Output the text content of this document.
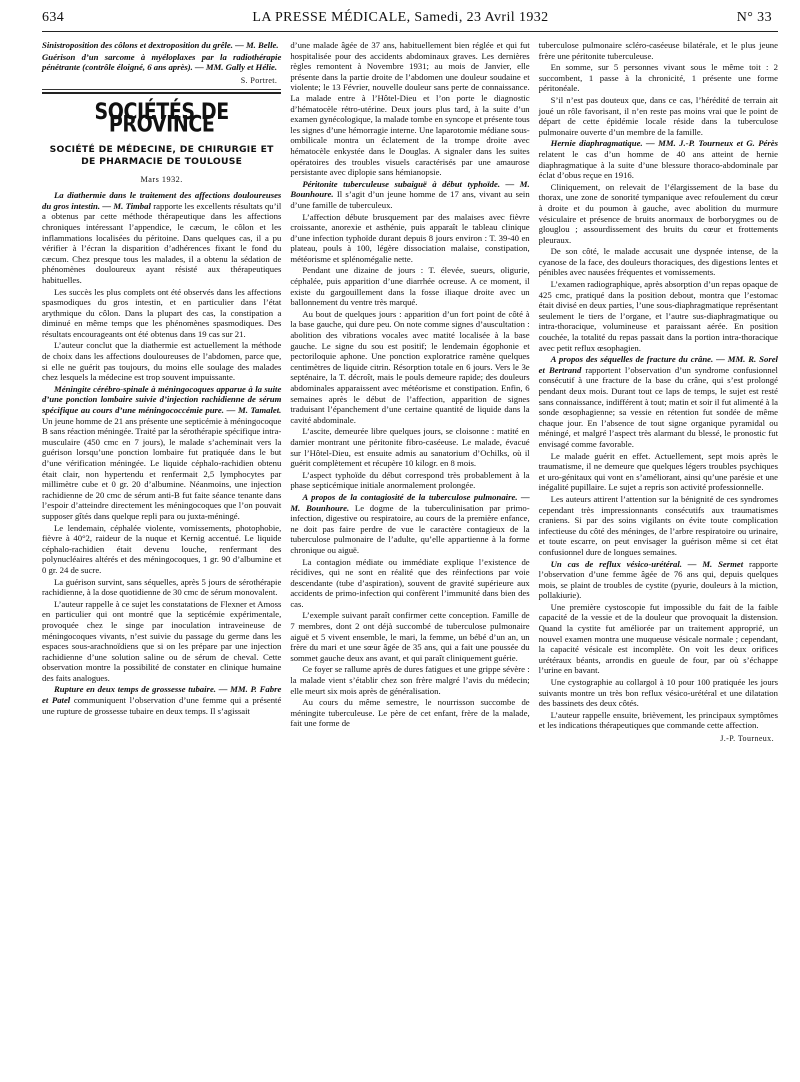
634	LA PRESSE MÉDICALE, Samedi, 23 Avril 1932	N° 33

Sinistroposition des côlons et dextroposition du grêle. — M. Belle.

Guérison d’un sarcome à myéloplaxes par la radiothérapie pénétrante (contrôle éloigné, 6 ans après). — MM. Gally et Hélie.

S. Portret.
SOCIÉTÉS DE PROVINCE
SOCIÉTÉ DE MÉDECINE, DE CHIRURGIE ET DE PHARMACIE DE TOULOUSE
Mars 1932.

La diathermie dans le traitement des affections douloureuses du gros intestin. — M. Timbal rapporte les excellents résultats qu’il a obtenus par cette méthode thérapeutique dans les affections chroniques intéressant l’appendice, le cæcum, le côlon et les inflammations localisées du péritoine. Dans quelques cas, il a pu vérifier à l’écran la disparition d’adhérences fixant le fond du cæcum. Chez presque tous les malades, il a obtenu la sédation de phénomènes douloureux ayant résisté aux thérapeutiques habituelles.

Les succès les plus complets ont été observés dans les affections spasmodiques du gros intestin, et en particulier dans l’état arythmique du côlon. Dans la plupart des cas, la constipation a diminué en même temps que les phénomènes spasmodiques. Des résultats encourageants ont été obtenus dans 19 cas sur 21.

L’auteur conclut que la diathermie est actuellement la méthode de choix dans les affections douloureuses de l’abdomen, parce que, si elle ne guérit pas toujours, du moins elle soulage des malades chez lesquels la médecine est trop souvent impuissante.

Méningite cérébro-spinale à méningocoques apparue à la suite d’une ponction lombaire suivie d’injection rachidienne de sérum spécifique au cours d’une méningococcémie pure. — M. Tamalet. Un jeune homme de 21 ans présente une septicémie à méningocoque B sans réaction méningée. Traité par la sérothérapie spécifique intra-musculaire (450 cmc en 7 jours), le malade s’acheminait vers la guérison lorsqu’une ponction lombaire fut pratiquée dans le but d’une vérification méningée. Le liquide céphalo-rachidien obtenu était clair, non hypertendu et renfermait 2,5 lymphocytes par millimètre cube et 0 gr. 20 d’albumine. Néanmoins, une injection rachidienne de 20 cmc de sérum anti-B fut faite séance tenante dans l’espoir d’atteindre directement les méningocoques que l’on pouvait supposer gîtés dans quelque repli para ou juxta-méningé.

Le lendemain, céphalée violente, vomissements, photophobie, fièvre à 40°2, raideur de la nuque et Kernig accentué. Le liquide céphalo-rachidien était devenu louche, renfermant des polynucléaires altérés et des méningocoques, 1 gr. 90 d’albumine et 0 gr. 24 de sucre.

La guérison survint, sans séquelles, après 5 jours de sérothérapie rachidienne, à la dose quotidienne de 30 cmc de sérum monovalent.

L’auteur rappelle à ce sujet les constatations de Flexner et Amoss en particulier qui ont montré que la septicémie expérimentale, provoquée chez le singe par inoculation intraveineuse de méningocoques vivants, n’est suivie du passage du germe dans les espaces sous-arachnoïdiens que si on les prépare par une injection rachidienne d’une solution saline ou de sérum de cheval. Cette observation montre la possibilité de constater en clinique humaine des faits analogues.

Rupture en deux temps de grossesse tubaire. — MM. P. Fabre et Patel communiquent l’observation d’une femme qui a présenté une rupture de grossesse tubaire en deux temps. Il s’agissait

d’une malade âgée de 37 ans, habituellement bien réglée et qui fut hospitalisée pour des accidents abdominaux graves. Les dernières règles remontent à Novembre 1931; au mois de Janvier, elle présente dans la partie droite de l’abdomen une douleur soudaine et violente; le 13 Février, nouvelle douleur sans perte de connaissance. La malade entre à l’Hôtel-Dieu et l’on porte le diagnostic d’hématocèle rétro-utérine. Deux jours plus tard, à la suite d’un examen gynécologique, la malade tombe en syncope et présente tous les signes d’une hémorragie interne. Une laparotomie médiane sous-ombilicale montra un éclatement de la trompe droite avec hématocèle enkystée dans le Douglas. A signaler dans les suites opératoires des troubles visuels caractérisés par une amaurose persistante avec diplopie sans hémianopsie.

Péritonite tuberculeuse subaiguë à début typhoïde. — M. Bounhoure. Il s’agit d’un jeune homme de 17 ans, vivant au sein d’une famille de tuberculeux.

L’affection débute brusquement par des malaises avec fièvre croissante, anorexie et asthénie, puis apparaît le tableau clinique d’une infection typhoïde durant depuis 8 jours environ : T. 39-40 en plateau, pouls à 100, légère dissociation malaise, constipation, météorisme et splénomégalie nette.

Pendant une dizaine de jours : T. élevée, sueurs, oligurie, céphalée, puis apparition d’une diarrhée ocreuse. A ce moment, il existe du gargouillement dans la fosse iliaque droite avec un ballonnement du ventre très marqué.

Au bout de quelques jours : apparition d’un fort point de côté à la base gauche, qui dure peu. On note comme signes d’auscultation : abolition des vibrations vocales avec matité localisée à la base gauche. Le signe du sou est positif; le lendemain égophonie et pectoriloquie aphone. Une ponction exploratrice ramène quelques centimètres de liquide citrin. Résorption totale en 6 jours. Vers le 3e septénaire, la T. décroît, mais le pouls demeure rapide; des douleurs abdominales apparaissent avec météorisme et constipation. Enfin, 6 semaines après le début de l’affection, apparition de signes traduisant l’épanchement d’une certaine quantité de liquide dans la cavité abdominale.

L’ascite, demeurée libre quelques jours, se cloisonne : matité en damier montrant une péritonite fibro-caséeuse. Le malade, évacué sur l’Hôtel-Dieu, est ensuite admis au sanatorium d’Ochilks, où il guérit complètement et récupère 10 kilogr. en 8 mois.

L’aspect typhoïde du début correspond très probablement à la phase septicémique initiale anormalement prolongée.

A propos de la contagiosité de la tuberculose pulmonaire. — M. Bounhoure. Le dogme de la tuberculinisation par primo-infection, digestive ou respiratoire, au cours de la première enfance, ne doit pas faire perdre de vue le caractère contagieux de la tuberculose pulmonaire de l’adulte, qu’elle appartienne à la forme chronique ou aiguë.

La contagion médiate ou immédiate explique l’existence de récidives, qui ne sont en réalité que des réinfections par voie descendante (tube d’aspiration), souvent de gravité supérieure aux accidents de primo-infection qui confèrent l’immunité dans bien des cas.

L’exemple suivant paraît confirmer cette conception. Famille de 7 membres, dont 2 ont déjà succombé de tuberculose pulmonaire aiguë et 5 vivent ensemble, le mari, la femme, un bébé d’un an, un frère du mari et une sœur âgée de 35 ans, qui a fait une poussée du sommet gauche deux ans avant, et qui paraît cliniquement guérie.

Ce foyer se rallume après de dures fatigues et une grippe sévère : la malade vient s’établir chez son frère malgré l’avis du médecin; elle meurt six mois après de généralisation.

Au cours du même semestre, le nourrisson succombe de méningite tuberculeuse. Le père de cet enfant, frère de la malade, fait une forme de

tuberculose pulmonaire scléro-caséeuse bilatérale, et le plus jeune frère une péritonite tuberculeuse.

En somme, sur 5 personnes vivant sous le même toit : 2 succombent, 1 passe à la chronicité, 1 présente une forme péritonéale.

S’il n’est pas douteux que, dans ce cas, l’hérédité de terrain ait joué un rôle favorisant, il n’en reste pas moins vrai que le point de départ de cette épidémie locale réside dans la tuberculose pulmonaire ouverte d’un membre de la famille.

Hernie diaphragmatique. — MM. J.-P. Tourneux et G. Pérès relatent le cas d’un homme de 40 ans atteint de hernie diaphragmatique à la suite d’une blessure thoraco-abdominale par éclat d’obus reçue en 1916.

Cliniquement, on relevait de l’élargissement de la base du thorax, une zone de sonorité tympanique avec refoulement du cœur à droite et du poumon à gauche, avec abolition du murmure vésiculaire et présence de bruits anormaux de borborygmes ou de glouglou ; assourdissement des bruits du cœur et frottements pleuraux.

De son côté, le malade accusait une dyspnée intense, de la cyanose de la face, des douleurs thoraciques, des digestions lentes et pénibles avec nausées fréquentes et vomissements.

L’examen radiographique, après absorption d’un repas opaque de 425 cmc, pratiqué dans la position debout, montra que l’estomac était divisé en deux parties, l’une sous-diaphragmatique représentant seulement le tiers de l’organe, et l’autre sus-diaphragmatique ou intra-thoracique, volumineuse et paraissant aérée. En position couchée, la totalité du repas passait dans la portion intra-thoracique avec petit reflux œsophagien.

A propos des séquelles de fracture du crâne. — MM. R. Sorel et Bertrand rapportent l’observation d’un syndrome confusionnel consécutif à une fracture de la base du crâne, qui s’est prolongé pendant deux mois. Durant tout ce laps de temps, le sujet est resté sans connaissance, indifférent à tout; matin et soir il fut alimenté à la sonde œsophagienne; sa vessie en rétention fut sondée de même chaque jour. En l’absence de tout signe organique pyramidal ou méningé, et malgré l’aspect très alarmant du blessé, le pronostic fut envisagé comme favorable.

Le malade guérit en effet. Actuellement, sept mois après le traumatisme, il ne demeure que quelques légers troubles psychiques et uro-génitaux qui vont en s’améliorant, ainsi qu’une parésie et une inégalité pupillaire. Le sujet a repris son activité professionnelle.

Les auteurs attirent l’attention sur la bénignité de ces syndromes cependant très impressionnants consécutifs aux traumatismes craniens. Si par des soins vigilants on évite toute complication infectieuse du côté des méninges, de l’arbre respiratoire ou urinaire, et toute escarre, on peut envisager la guérison même si cet état confusionnel dure de longues semaines.

Un cas de reflux vésico-urétéral. — M. Sermet rapporte l’observation d’une femme âgée de 76 ans qui, depuis quelques mois, se plaint de troubles de cystite (pyurie, douleurs à la miction, pollakiurie).

Une première cystoscopie fut impossible du fait de la faible capacité de la vessie et de la douleur que provoquait la distension. Quand la cystite fut améliorée par un traitement approprié, un nouvel examen montra une muqueuse vésicale normale ; cependant, la capacité vésicale est incomplète. On voit les deux orifices urétéraux béants, arrondis en gueule de four, par où s’échappe l’urine en bavant.

Une cystographie au collargol à 10 pour 100 pratiquée les jours suivants montre un très bon reflux vésico-urétéral et une dilatation des bassinets des deux côtés.

L’auteur rappelle ensuite, brièvement, les principaux symptômes et les indications thérapeutiques que commande cette affection.

J.-P. Tourneux.
